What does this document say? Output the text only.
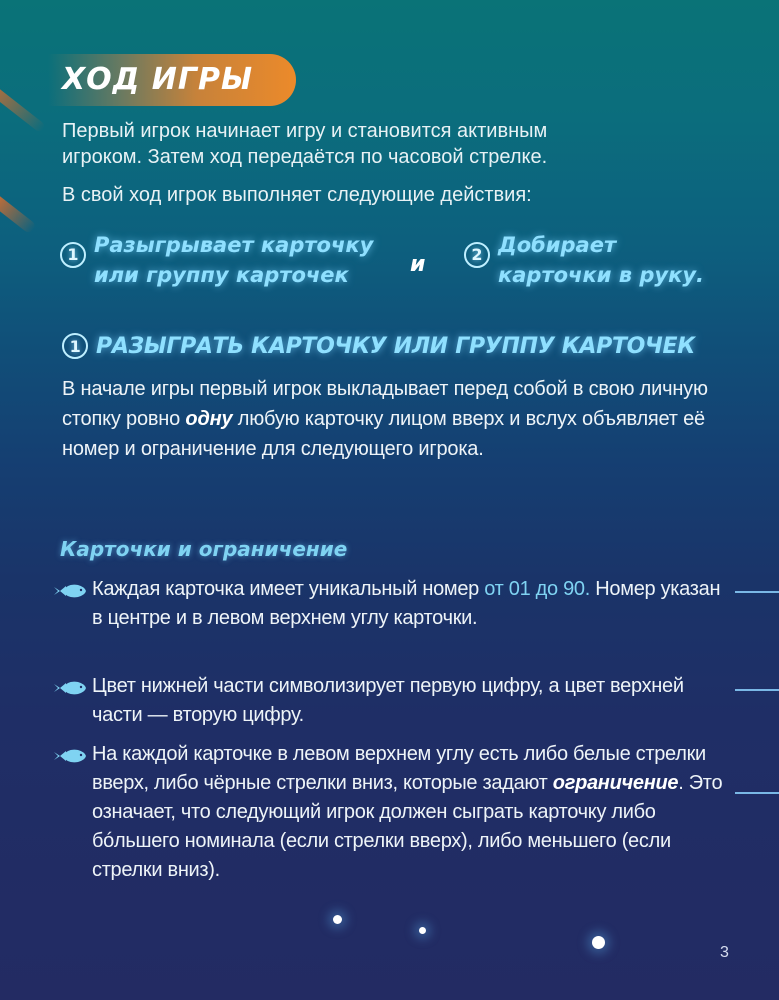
ХОД ИГРЫ
Первый игрок начинает игру и становится активным
игроком. Затем ход передаётся по часовой стрелке.
В свой ход игрок выполняет следующие действия:
1 Разыгрывает карточку
или группу карточек	и	2 Добирает
карточки в руку.
1 РАЗЫГРАТЬ КАРТОЧКУ ИЛИ ГРУППУ КАРТОЧЕК
В начале игры первый игрок выкладывает перед собой в свою личную стопку ровно одну любую карточку лицом вверх и вслух объявляет её номер и ограничение для следующего игрока.
Карточки и ограничение
Каждая карточка имеет уникальный номер от 01 до 90. Номер указан в центре и в левом верхнем углу карточки.
Цвет нижней части символизирует первую цифру, а цвет верхней части — вторую цифру.
На каждой карточке в левом верхнем углу есть либо белые стрелки вверх, либо чёрные стрелки вниз, которые задают ограничение. Это означает, что следующий игрок должен сыграть карточку либо бóльшего номинала (если стрелки вверх), либо меньшего (если стрелки вниз).
3
